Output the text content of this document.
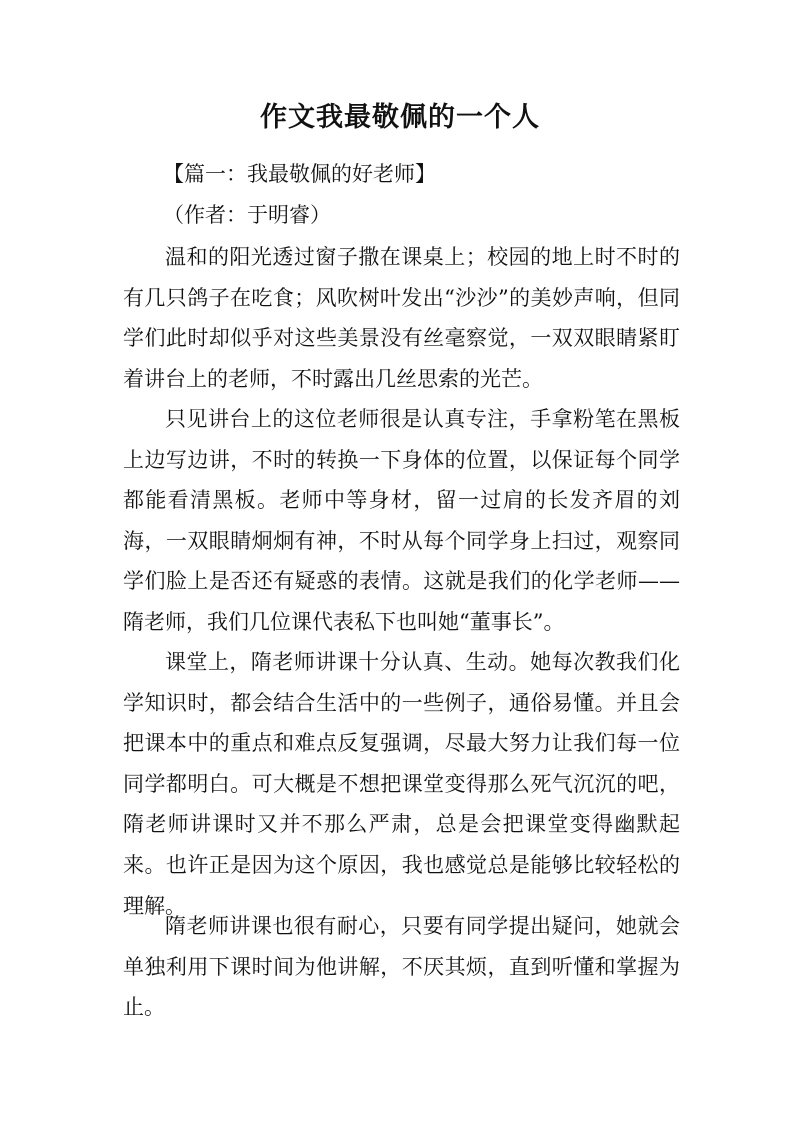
作文我最敬佩的一个人
【篇一：我最敬佩的好老师】
（作者：于明睿）

温和的阳光透过窗子撒在课桌上；校园的地上时不时的有几只鸽子在吃食；风吹树叶发出“沙沙”的美妙声响，但同学们此时却似乎对这些美景没有丝毫察觉，一双双眼睛紧盯着讲台上的老师，不时露出几丝思索的光芒。

只见讲台上的这位老师很是认真专注，手拿粉笔在黑板上边写边讲，不时的转换一下身体的位置，以保证每个同学都能看清黑板。老师中等身材，留一过肩的长发齐眉的刘海，一双眼睛炯炯有神，不时从每个同学身上扫过，观察同学们脸上是否还有疑惑的表情。这就是我们的化学老师——隋老师，我们几位课代表私下也叫她“董事长”。

课堂上，隋老师讲课十分认真、生动。她每次教我们化学知识时，都会结合生活中的一些例子，通俗易懂。并且会把课本中的重点和难点反复强调，尽最大努力让我们每一位同学都明白。可大概是不想把课堂变得那么死气沉沉的吧，隋老师讲课时又并不那么严肃，总是会把课堂变得幽默起来。也许正是因为这个原因，我也感觉总是能够比较轻松的理解。

隋老师讲课也很有耐心，只要有同学提出疑问，她就会单独利用下课时间为他讲解，不厌其烦，直到听懂和掌握为止。
